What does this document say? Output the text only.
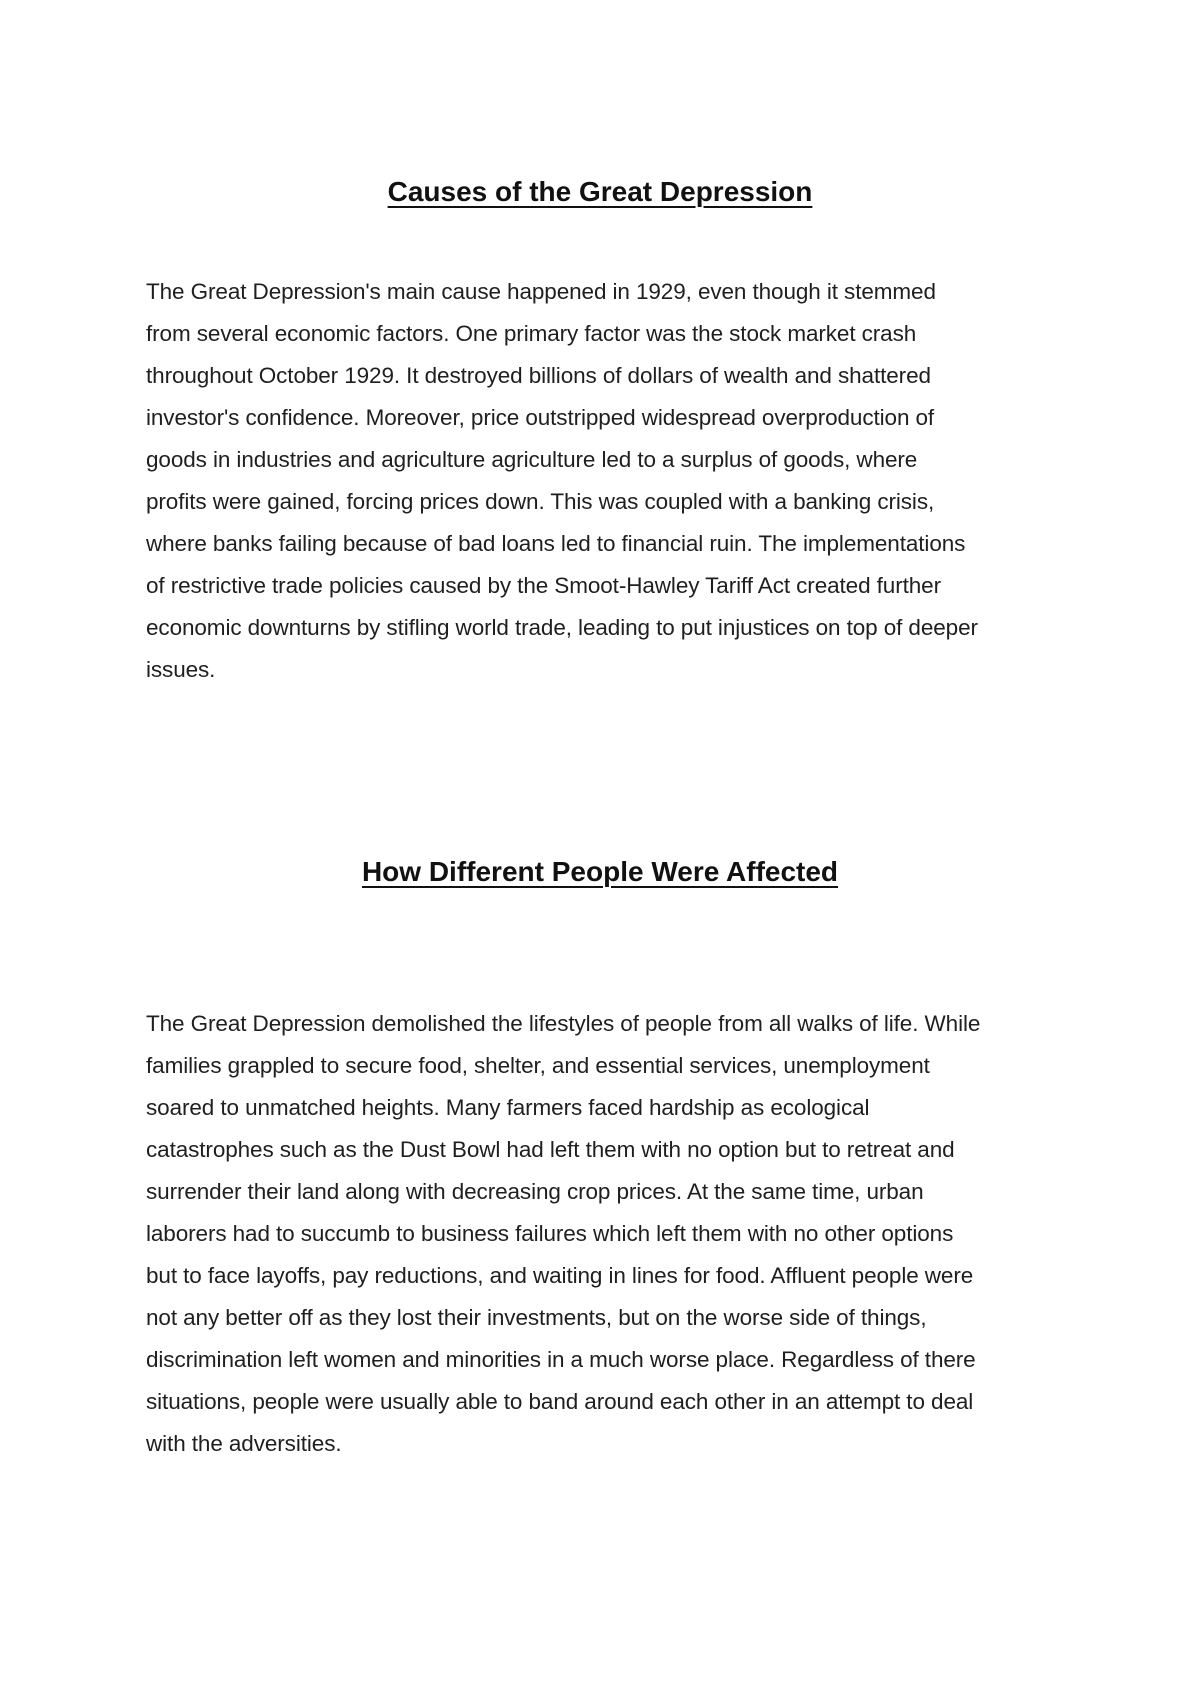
Causes of the Great Depression

The Great Depression's main cause happened in 1929, even though it stemmed
from several economic factors. One primary factor was the stock market crash
throughout October 1929. It destroyed billions of dollars of wealth and shattered
investor's confidence. Moreover, price outstripped widespread overproduction of
goods in industries and agriculture agriculture led to a surplus of goods, where
profits were gained, forcing prices down. This was coupled with a banking crisis,
where banks failing because of bad loans led to financial ruin. The implementations
of restrictive trade policies caused by the Smoot-Hawley Tariff Act created further
economic downturns by stifling world trade, leading to put injustices on top of deeper
issues.

How Different People Were Affected

The Great Depression demolished the lifestyles of people from all walks of life. While
families grappled to secure food, shelter, and essential services, unemployment
soared to unmatched heights. Many farmers faced hardship as ecological
catastrophes such as the Dust Bowl had left them with no option but to retreat and
surrender their land along with decreasing crop prices. At the same time, urban
laborers had to succumb to business failures which left them with no other options
but to face layoffs, pay reductions, and waiting in lines for food. Affluent people were
not any better off as they lost their investments, but on the worse side of things,
discrimination left women and minorities in a much worse place. Regardless of there
situations, people were usually able to band around each other in an attempt to deal
with the adversities.
